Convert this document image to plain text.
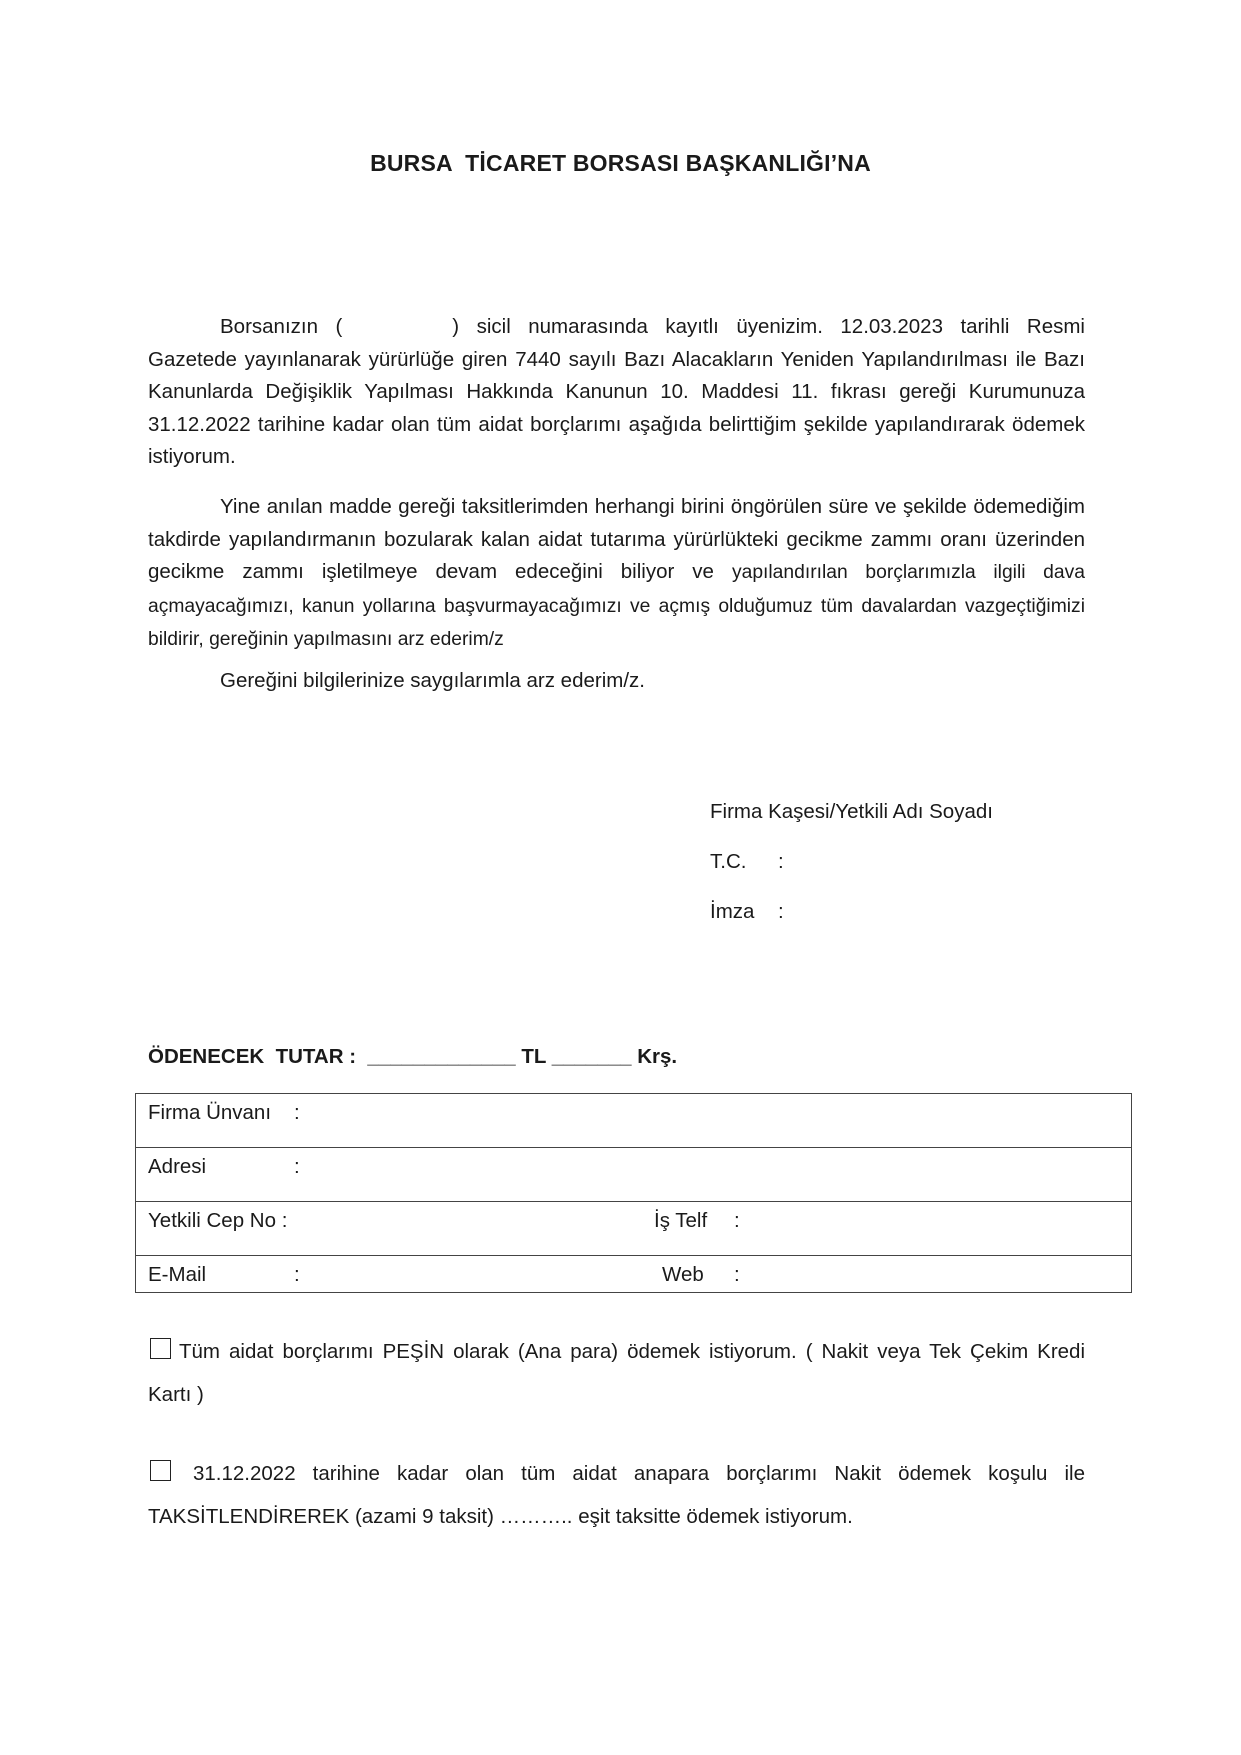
BURSA  TİCARET BORSASI BAŞKANLIĞI’NA

Borsanızın (	) sicil numarasında kayıtlı üyenizim. 12.03.2023 tarihli Resmi Gazetede yayınlanarak yürürlüğe giren 7440 sayılı Bazı Alacakların Yeniden Yapılandırılması ile Bazı Kanunlarda Değişiklik Yapılması Hakkında Kanunun 10. Maddesi 11. fıkrası gereği Kurumunuza 31.12.2022 tarihine kadar olan tüm aidat borçlarımı aşağıda belirttiğim şekilde yapılandırarak ödemek istiyorum.

Yine anılan madde gereği taksitlerimden herhangi birini öngörülen süre ve şekilde ödemediğim takdirde yapılandırmanın bozularak kalan aidat tutarıma yürürlükteki gecikme zammı oranı üzerinden gecikme zammı işletilmeye devam edeceğini biliyor ve yapılandırılan borçlarımızla ilgili dava açmayacağımızı, kanun yollarına başvurmayacağımızı ve açmış olduğumuz tüm davalardan vazgeçtiğimizi bildirir, gereğinin yapılmasını arz ederim/z

Gereğini bilgilerinize saygılarımla arz ederim/z.

Firma Kaşesi/Yetkili Adı Soyadı
T.C. :
İmza :
ÖDENECEK  TUTAR :  _____________ TL _______ Krş.
Firma Ünvanı :
Adresi	:
Yetkili Cep No :	İş Telf :
E-Mail	:	Web :

Tüm aidat borçlarımı PEŞİN olarak (Ana para) ödemek istiyorum. ( Nakit veya Tek Çekim Kredi Kartı )

31.12.2022 tarihine kadar olan tüm aidat anapara borçlarımı Nakit ödemek koşulu ile TAKSİTLENDİREREK (azami 9 taksit) ……….. eşit taksitte ödemek istiyorum.
